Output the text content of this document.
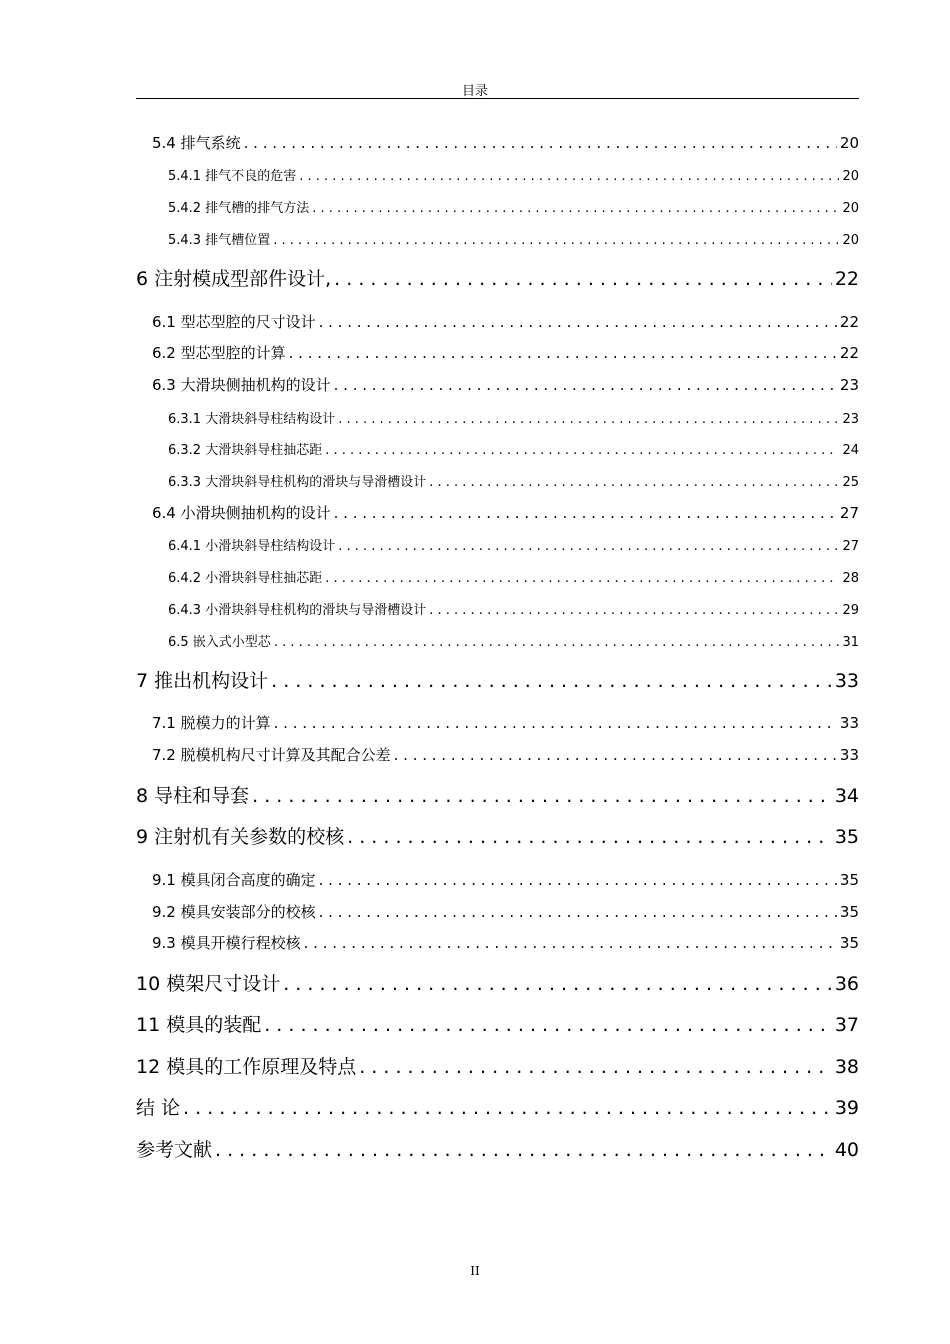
目录
5.4 排气系统 . . .	20
5.4.1 排气不良的危害 . . .	20
5.4.2 排气槽的排气方法 . . .	20
5.4.3 排气槽位置 . . .	20
6 注射模成型部件设计, . . .	22
6.1 型芯型腔的尺寸设计 . . .	22
6.2 型芯型腔的计算 . . .	22
6.3 大滑块侧抽机构的设计 . . .	23
6.3.1 大滑块斜导柱结构设计 . . .	23
6.3.2 大滑块斜导柱抽芯距 . . .	24
6.3.3 大滑块斜导柱机构的滑块与导滑槽设计 . . .	25
6.4 小滑块侧抽机构的设计 . . .	27
6.4.1 小滑块斜导柱结构设计 . . .	27
6.4.2 小滑块斜导柱抽芯距 . . .	28
6.4.3 小滑块斜导柱机构的滑块与导滑槽设计 . . .	29
6.5 嵌入式小型芯 . . .	31
7 推出机构设计 . . .	33
7.1 脱模力的计算 . . .	33
7.2 脱模机构尺寸计算及其配合公差 . . .	33
8 导柱和导套 . . .	34
9 注射机有关参数的校核 . . .	35
9.1 模具闭合高度的确定 . . .	35
9.2 模具安装部分的校核 . . .	35
9.3 模具开模行程校核 . . .	35
10 模架尺寸设计 . . .	36
11 模具的装配 . . .	37
12 模具的工作原理及特点 . . .	38
结 论 . . .	39
参考文献 . . .	40
II
